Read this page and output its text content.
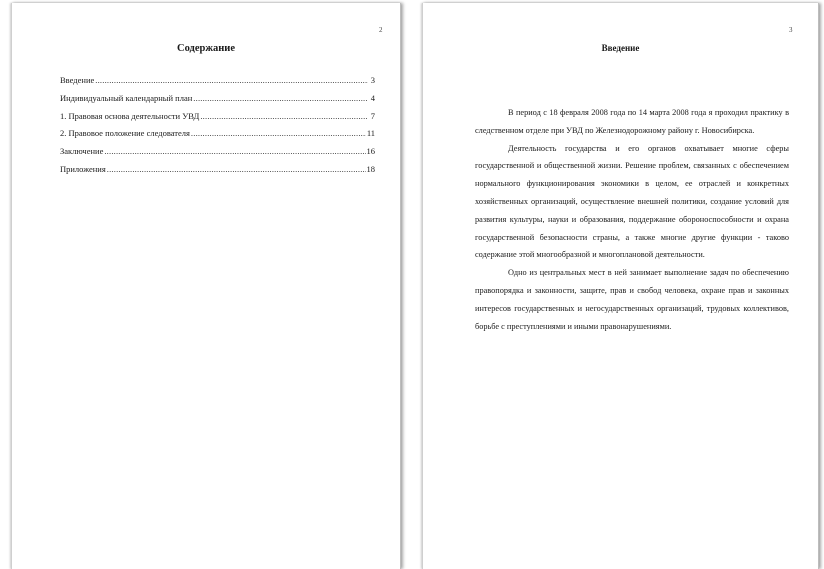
2
Содержание
Введение .....	3
Индивидуальный календарный план .....	4
1. Правовая основа деятельности УВД .....	7
2. Правовое положение следователя .....	11
Заключение .....	16
Приложения .....	18
3
Введение

В период с 18 февраля 2008 года по 14 марта 2008 года я проходил практику в следственном отделе при УВД по Железнодорожному району г. Новосибирска.

Деятельность государства и его органов охватывает многие сферы государственной и общественной жизни. Решение проблем, связанных с обеспечением нормального функционирования экономики в целом, ее отраслей и конкретных хозяйственных организаций, осуществление внешней политики, создание условий для развития культуры, науки и образования, поддержание обороноспособности и охрана государственной безопасности страны, а также многие другие функции - таково содержание этой многообразной и многоплановой деятельности.

Одно из центральных мест в ней занимает выполнение задач по обеспечению правопорядка и законности, защите, прав и свобод человека, охране прав и законных интересов государственных и негосударственных организаций, трудовых коллективов, борьбе с преступлениями и иными правонарушениями.
